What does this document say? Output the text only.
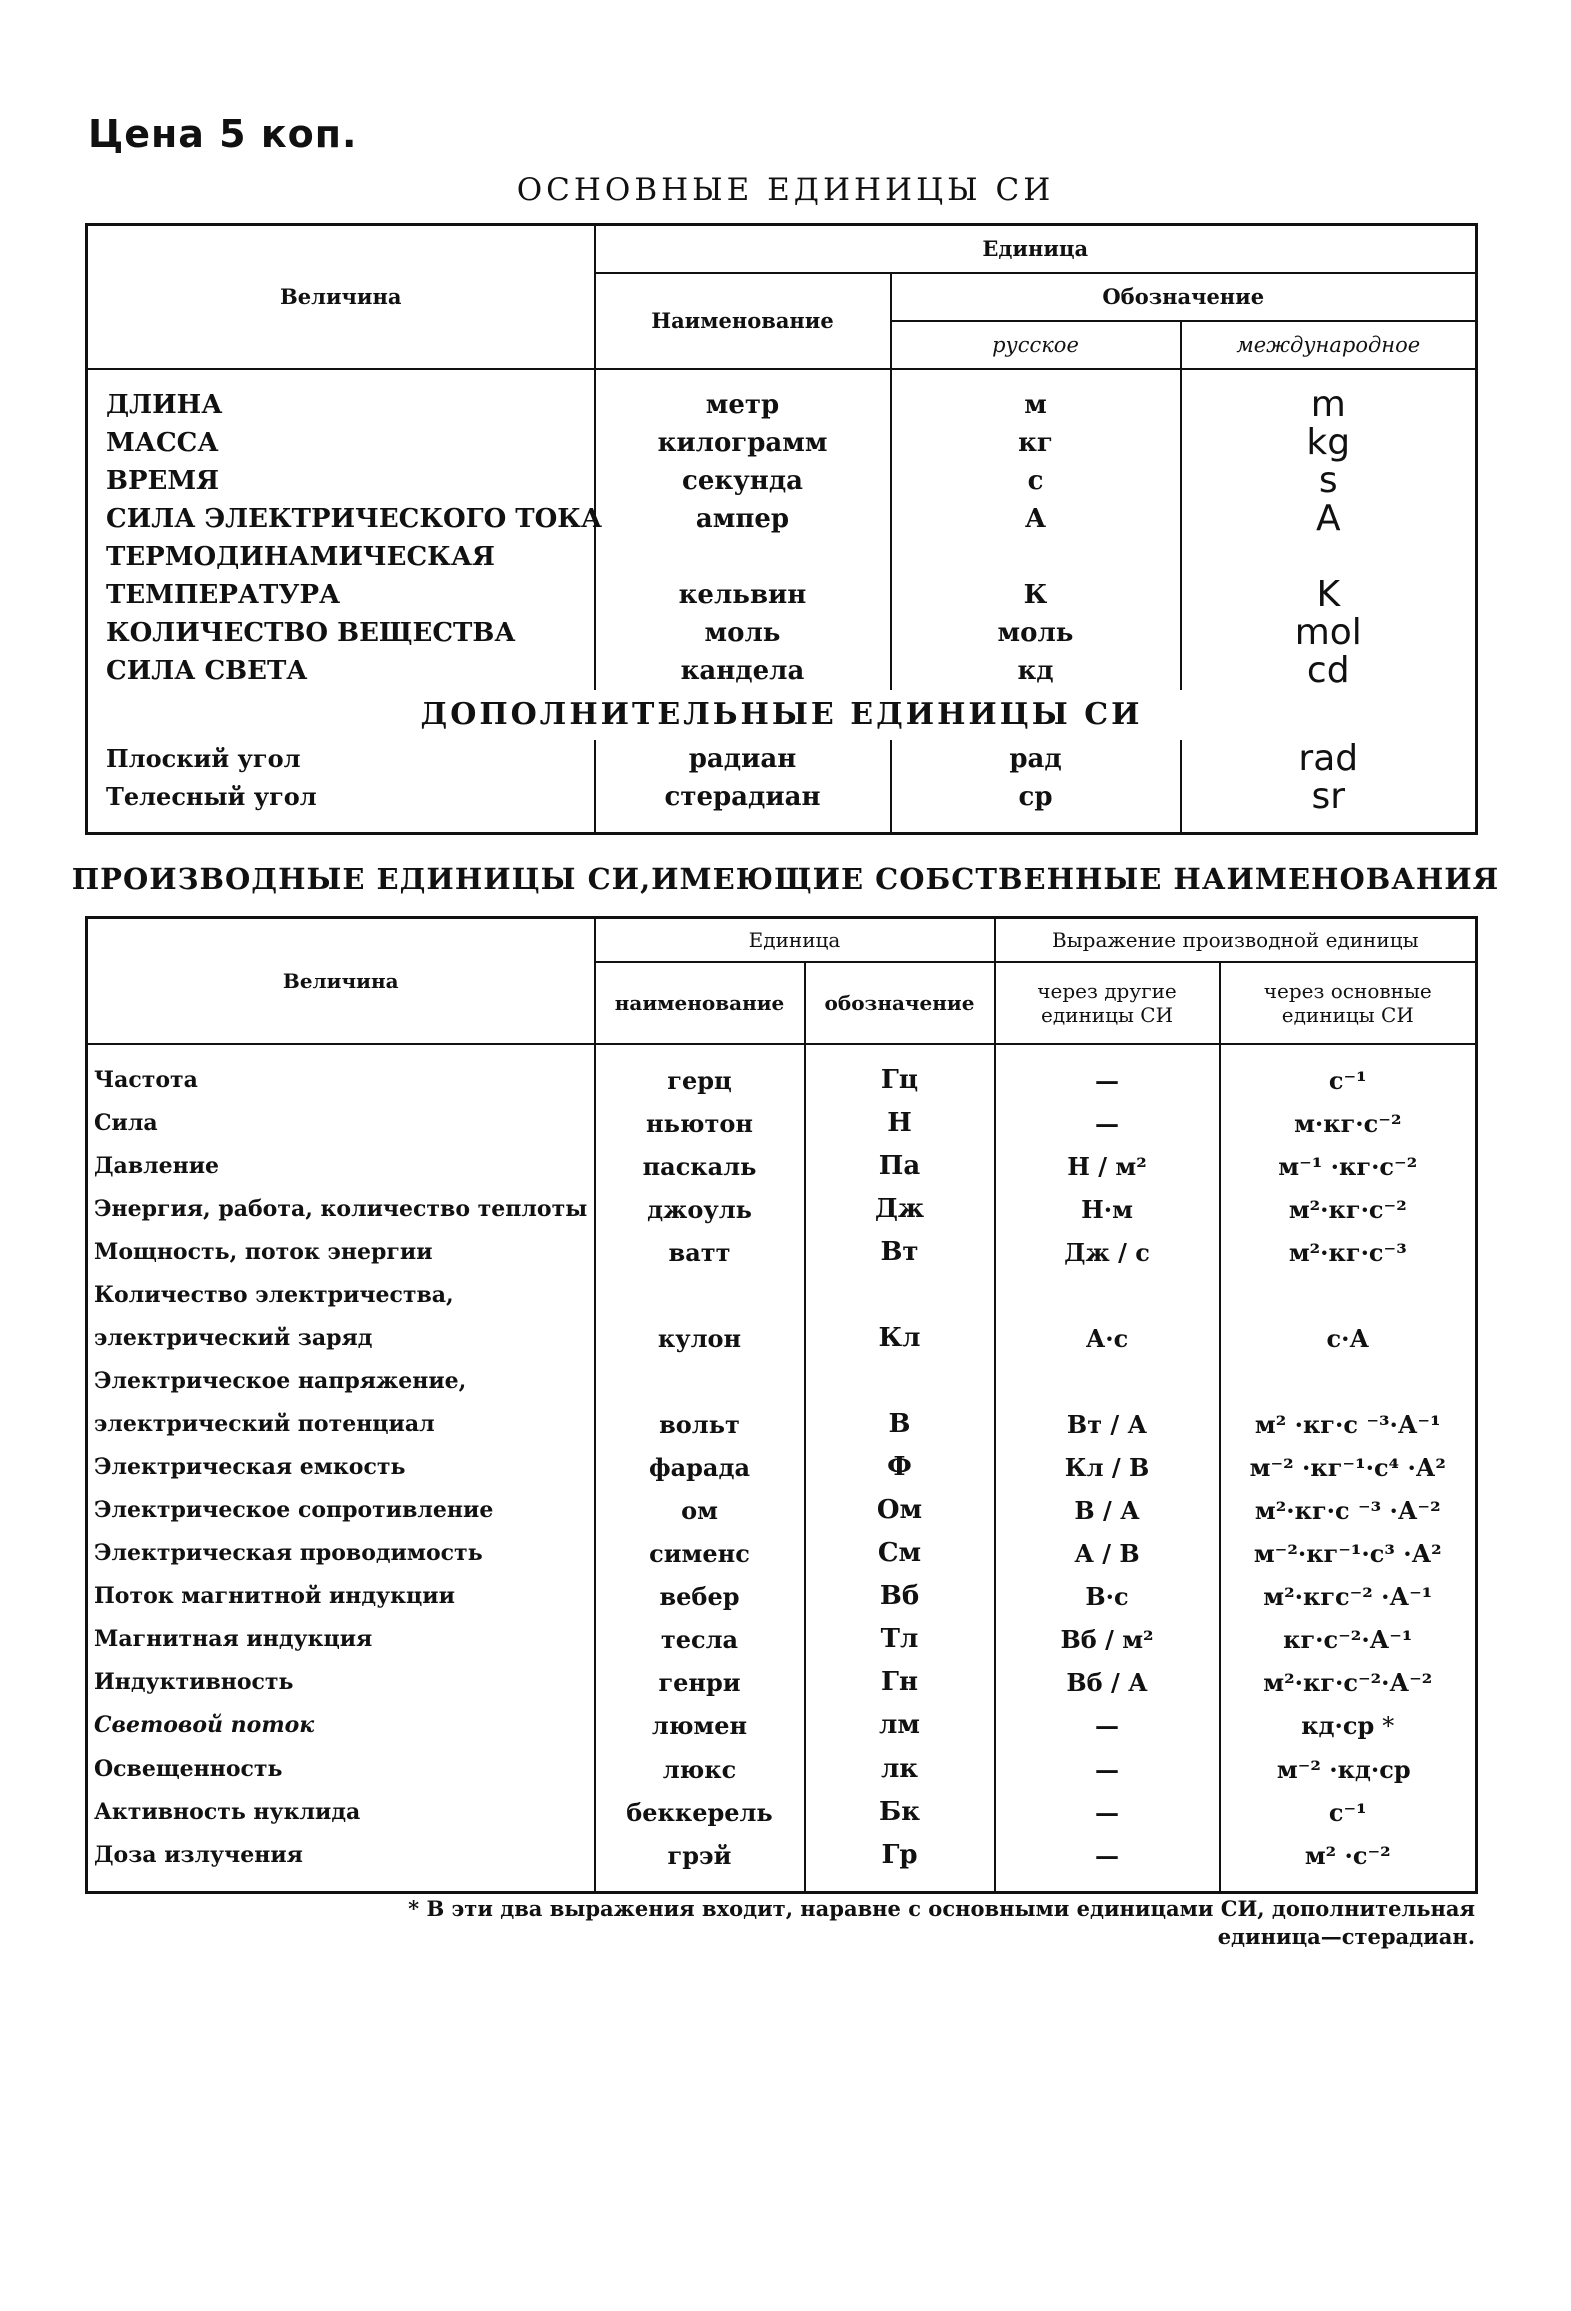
Цена 5 коп.
ОСНОВНЫЕ ЕДИНИЦЫ СИ
Величина	Единица		
	Наименование	Обозначение	
		русское	международное

ДЛИНА	метр	м	m
МАССА	килограмм	кг	kg
ВРЕМЯ	секунда	с	s
СИЛА ЭЛЕКТРИЧЕСКОГО ТОКА	ампер	А	A
ТЕРМОДИНАМИЧЕСКАЯ			
ТЕМПЕРАТУРА	кельвин	К	K
КОЛИЧЕСТВО ВЕЩЕСТВА	моль	моль	mol
СИЛА СВЕТА	кандела	кд	cd
ДОПОЛНИТЕЛЬНЫЕ ЕДИНИЦЫ СИ			
Плоский угол	радиан	рад	rad
Телесный угол	стерадиан	ср	sr

ПРОИЗВОДНЫЕ ЕДИНИЦЫ СИ,ИМЕЮЩИЕ СОБСТВЕННЫЕ НАИМЕНОВАНИЯ
Величина	Единица		Выражение производной единицы	
	наименование	обозначение	через другие единицы СИ	через основные единицы СИ

Частота	герц	Гц	—	с⁻¹
Сила	ньютон	Н	—	м·кг·с⁻²
Давление	паскаль	Па	Н / м²	м⁻¹ ·кг·с⁻²
Энергия, работа, количество теплоты	джоуль	Дж	Н·м	м²·кг·с⁻²
Мощность, поток энергии	ватт	Вт	Дж / с	м²·кг·с⁻³
Количество электричества,				
электрический заряд	кулон	Кл	А·с	с·А
Электрическое напряжение,				
электрический потенциал	вольт	В	Вт / А	м² ·кг·с ⁻³·А⁻¹
Электрическая емкость	фарада	Ф	Кл / В	м⁻² ·кг⁻¹·с⁴ ·А²
Электрическое сопротивление	ом	Ом	В / А	м²·кг·с ⁻³ ·А⁻²
Электрическая проводимость	сименс	См	А / В	м⁻²·кг⁻¹·с³ ·А²
Поток магнитной индукции	вебер	Вб	В·с	м²·кгс⁻² ·А⁻¹
Магнитная индукция	тесла	Тл	Вб / м²	кг·с⁻²·А⁻¹
Индуктивность	генри	Гн	Вб / А	м²·кг·с⁻²·А⁻²
Световой поток	люмен	лм	—	кд·ср *
Освещенность	люкс	лк	—	м⁻² ·кд·ср
Активность нуклида	беккерель	Бк	—	с⁻¹
Доза излучения	грэй	Гр	—	м² ·с⁻²

* В эти два выражения входит, наравне с основными единицами СИ, дополнительная
единица—стерадиан.
